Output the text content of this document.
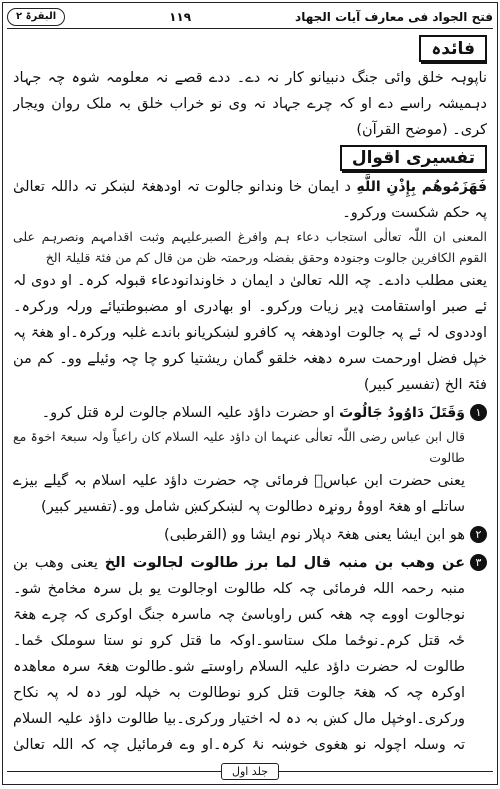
فتح الجواد فی معارف آیات الجهاد
۱۱۹
البقرۃ ۲
فائدہ

ناپوہہ خلق وائی جنگ دنبیانو کار نہ دے۔ ددے قصے نہ معلومہ شوہ چہ جہاد دہمیشہ راسے دے او کہ چرے جہاد نہ وی نو خراب خلق بہ ملک روان ویجار کری۔ (موضح القرآن)

تفسیری اقوال

فَهَزَمُوهُم بِإِذْنِ اللَّهِ د ایمان خا وندانو جالوت تہ اودھغۃ لښکر تہ داللہ تعالیٰ پہ حکم شکست ورکرو۔

المعنی ان اللّٰہ تعالٰی استجاب دعاء ہم وافرغ الصبرعلیہم وثبت اقدامہم ونصرہم علی القوم الکافرین جالوت وجنودہ وحقق بفضلہ ورحمتہ ظن من قال کم من فئۃ قلیلۃ الخ

یعنی مطلب دادے۔ چہ اللہ تعالیٰ د ایمان د خاوندانودعاء قبولہ کرہ۔ او دوی لہ ئے صبر اواستقامت ډیر زیات ورکرو۔ او بهادری او مضبوطتیائے ورلہ ورکرہ۔اوددوی لہ ئے پہ جالوت اودھغہ پہ کافرو لښکریانو باندے غلبہ ورکرہ۔او ھغۃ پہ خپل فضل اورحمت سرہ دھغہ خلقو گمان ریشتیا کرو چا چہ وئیلے وو۔ کم من فئۃ الخ (تفسیر کبیر)

١

وَقَتَلَ دَاوُودُ جَالُوتَ او حضرت داؤد علیہ السلام جالوت لرہ قتل کرو۔

قال ابن عباس رضی اللّٰہ تعالٰی عنہما ان داؤد علیہ السلام کان راعیاً ولہ سبعۃ اخوۃ مع طالوت

یعنی حضرت ابن عباسؓ فرمائی چہ حضرت داؤد علیہ اسلام بہ گیلے بیزے ساتلے او ھغۃ اووۂ رونړہ دطالوت پہ لښکرکښ شامل وو۔(تفسیر کبیر)

٢

ھو ابن ایشا یعنی ھغۃ دپلار نوم ایشا وو (القرطبی)

٣

عن وھب بن منبہ قال لما برز طالوت لجالوت الخ یعنی وھب بن منبہ رحمہ اللہ فرمائی چہ کلہ طالوت اوجالوت یو بل سرہ مخامخ شو۔نوجالوت اووے چہ ھغہ کس راوباسئ چہ ماسرہ جنگ اوکری کہ چرے ھغۃ ځہ قتل کرم۔نوځما ملک ستاسو۔اوکہ ما قتل کرو نو ستا سوملک ځما۔طالوت لہ حضرت داؤد علیہ السلام راوستے شو۔طالوت ھغۃ سرہ معاھدہ اوکرہ چہ کہ ھغۃ جالوت قتل کرو نوطالوت بہ خپلہ لور دہ لہ پہ نکاح ورکری۔اوخپل مال کښ بہ دہ لہ اختیار ورکری۔بیا طالوت داؤد علیہ السلام تہ وسلہ اچولہ نو ھغوی خوښہ نۂ کرہ۔او وے فرمائیل چہ کہ اللہ تعالیٰ

جلد اول
